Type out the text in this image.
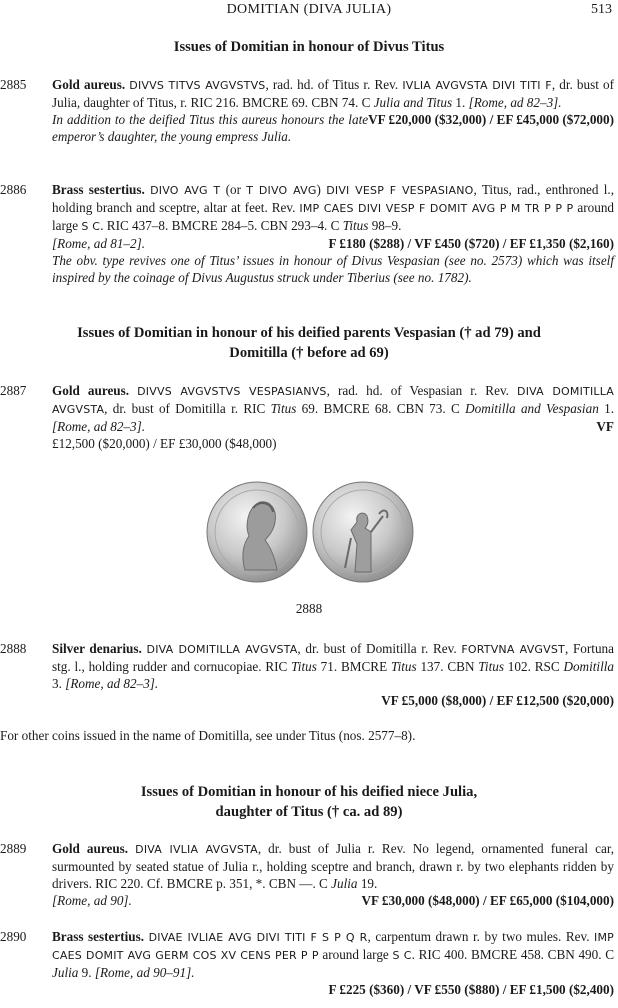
DOMITIAN (DIVA JULIA)	513
Issues of Domitian in honour of Divus Titus
2885	Gold aureus. DIVVS TITVS AVGVSTVS, rad. hd. of Titus r. Rev. IVLIA AVGVSTA DIVI TITI F, dr. bust of Julia, daughter of Titus, r. RIC 216. BMCRE 69. CBN 74. C Julia and Titus 1. [Rome, ad 82–3].
VF £20,000 ($32,000) / EF £45,000 ($72,000)
In addition to the deified Titus this aureus honours the late emperor’s daughter, the young empress Julia.
2886	Brass sestertius. DIVO AVG T (or T DIVO AVG) DIVI VESP F VESPASIANO, Titus, rad., enthroned l., holding branch and sceptre, altar at feet. Rev. IMP CAES DIVI VESP F DOMIT AVG P M TR P P P around large S C. RIC 437–8. BMCRE 284–5. CBN 293–4. C Titus 98–9.
[Rome, ad 81–2].	F £180 ($288) / VF £450 ($720) / EF £1,350 ($2,160)
The obv. type revives one of Titus’ issues in honour of Divus Vespasian (see no. 2573) which was itself inspired by the coinage of Divus Augustus struck under Tiberius (see no. 1782).
Issues of Domitian in honour of his deified parents Vespasian († ad 79) and
Domitilla († before ad 69)
2887	Gold aureus. DIVVS AVGVSTVS VESPASIANVS, rad. hd. of Vespasian r. Rev. DIVA DOMITILLA AVGVSTA, dr. bust of Domitilla r. RIC Titus 69. BMCRE 68. CBN 73. C Domitilla and Vespasian 1. [Rome, ad 82–3].	VF

£12,500 ($20,000) / EF £30,000 ($48,000)
2888
2888	Silver denarius. DIVA DOMITILLA AVGVSTA, dr. bust of Domitilla r. Rev. FORTVNA AVGVST, Fortuna stg. l., holding rudder and cornucopiae. RIC Titus 71. BMCRE Titus 137. CBN Titus 102. RSC Domitilla 3. [Rome, ad 82–3].
VF £5,000 ($8,000) / EF £12,500 ($20,000)
For other coins issued in the name of Domitilla, see under Titus (nos. 2577–8).
Issues of Domitian in honour of his deified niece Julia,
daughter of Titus († ca. ad 89)
2889	Gold aureus. DIVA IVLIA AVGVSTA, dr. bust of Julia r. Rev. No legend, ornamented funeral car, surmounted by seated statue of Julia r., holding sceptre and branch, drawn r. by two elephants ridden by drivers. RIC 220. Cf. BMCRE p. 351, *. CBN —. C Julia 19.
[Rome, ad 90].	VF £30,000 ($48,000) / EF £65,000 ($104,000)
2890	Brass sestertius. DIVAE IVLIAE AVG DIVI TITI F S P Q R, carpentum drawn r. by two mules. Rev. IMP CAES DOMIT AVG GERM COS XV CENS PER P P around large S C. RIC 400. BMCRE 458. CBN 490. C Julia 9. [Rome, ad 90–91].
F £225 ($360) / VF £550 ($880) / EF £1,500 ($2,400)
